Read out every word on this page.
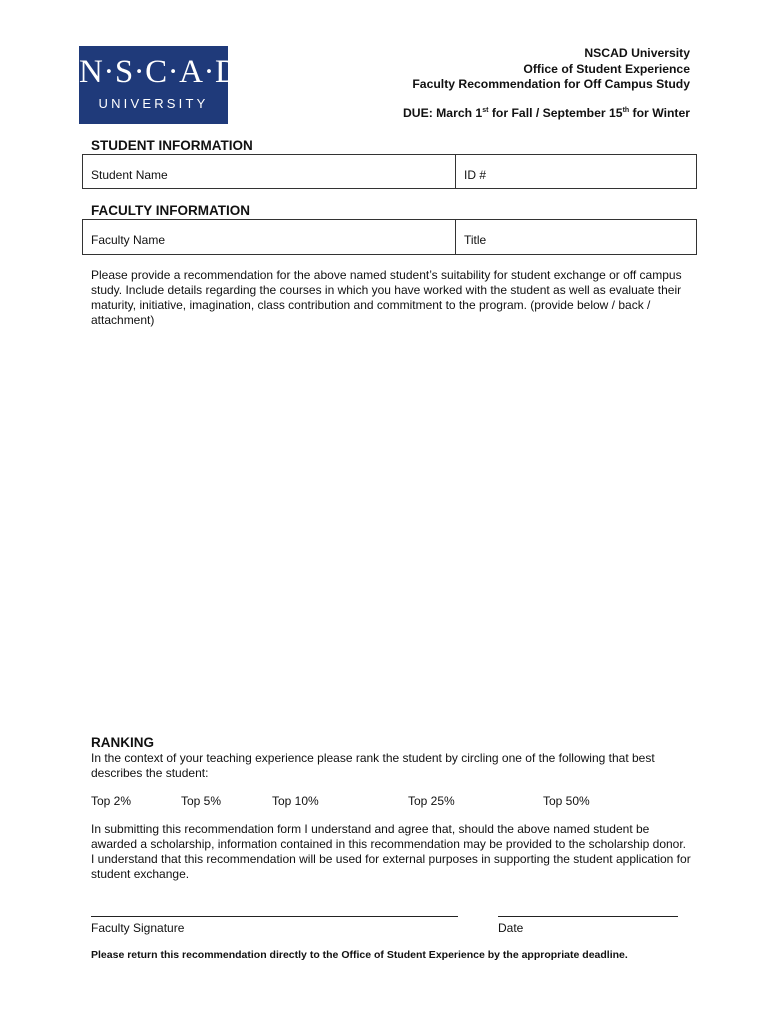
N·S·C·A·D
UNIVERSITY
NSCAD University
Office of Student Experience
Faculty Recommendation for Off Campus Study
DUE: March 1st for Fall / September 15th for Winter
STUDENT INFORMATION
Student Name	ID #
FACULTY INFORMATION
Faculty Name	Title
Please provide a recommendation for the above named student’s suitability for student exchange or off campus study. Include details regarding the courses in which you have worked with the student as well as evaluate their maturity, initiative, imagination, class contribution and commitment to the program. (provide below / back / attachment)
RANKING
In the context of your teaching experience please rank the student by circling one of the following that best describes the student:
Top 2%	Top 5%	Top 10%	Top 25%	Top 50%
In submitting this recommendation form I understand and agree that, should the above named student be awarded a scholarship, information contained in this recommendation may be provided to the scholarship donor. I understand that this recommendation will be used for external purposes in supporting the student application for student exchange.
Faculty Signature	Date
Please return this recommendation directly to the Office of Student Experience by the appropriate deadline.
